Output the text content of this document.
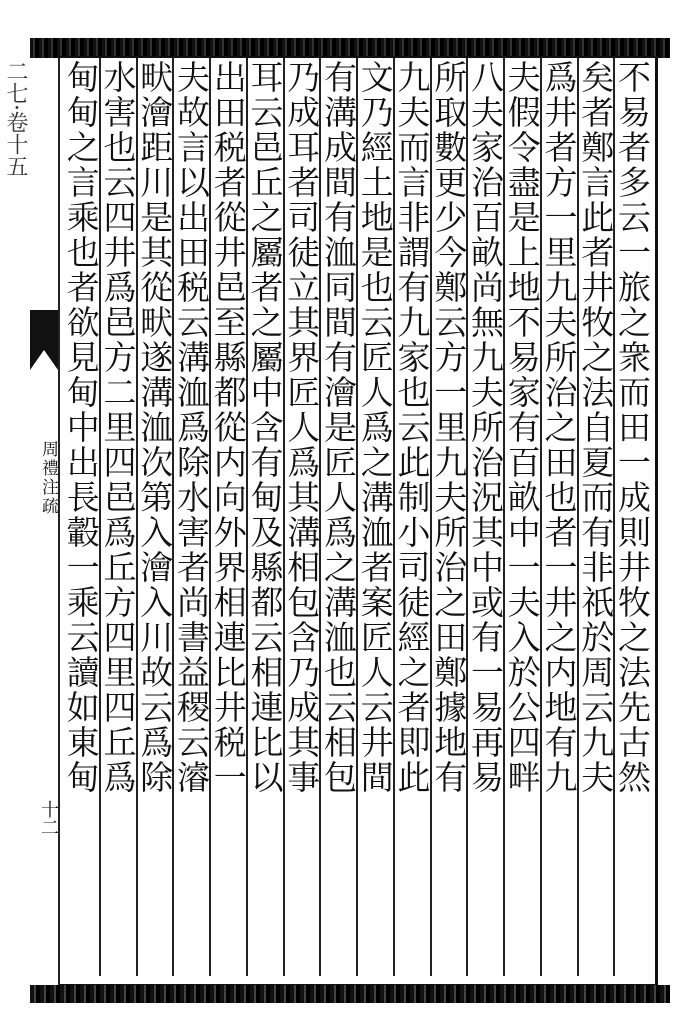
二七·卷十五
周禮注疏
十二
不易者多云一旅之衆而田一成則井牧之法先古然
矣者鄭言此者井牧之法自夏而有非祇於周云九夫
爲井者方一里九夫所治之田也者一井之内地有九
夫假令盡是上地不易家有百畝中一夫入於公四畔
八夫家治百畝尚無九夫所治況其中或有一易再易
所取數更少今鄭云方一里九夫所治之田鄭據地有
九夫而言非謂有九家也云此制小司徒經之者即此
文乃經土地是也云匠人爲之溝洫者案匠人云井間
有溝成間有洫同間有澮是匠人爲之溝洫也云相包
乃成耳者司徒立其界匠人爲其溝相包含乃成其事
耳云邑丘之屬者之屬中含有甸及縣都云相連比以
出田税者從井邑至縣都從内向外界相連比井税一
夫故言以出田税云溝洫爲除水害者尚書益稷云濬
畎澮距川是其從畎遂溝洫次第入澮入川故云爲除
水害也云四井爲邑方二里四邑爲丘方四里四丘爲
甸甸之言乘也者欲見甸中出長轂一乘云讀如東甸
